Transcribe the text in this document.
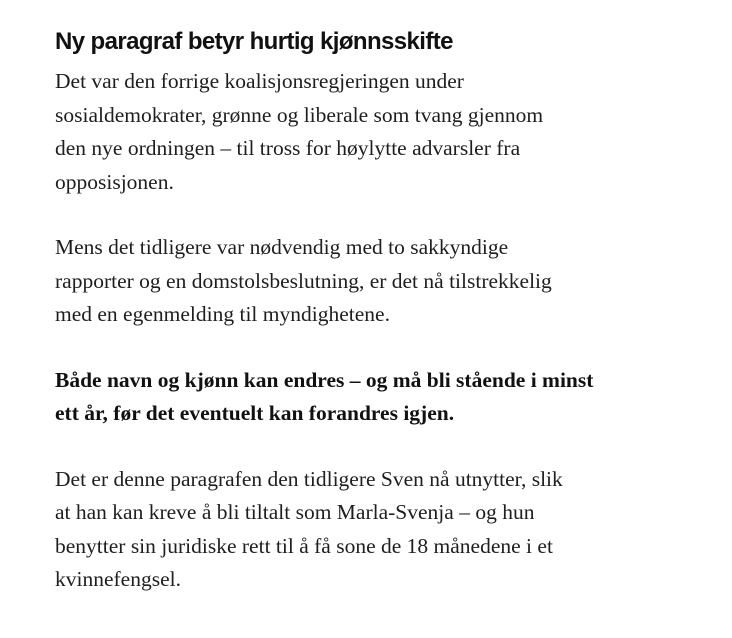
Ny paragraf betyr hurtig kjønnsskifte

Det var den forrige koalisjonsregjeringen under
sosialdemokrater, grønne og liberale som tvang gjennom
den nye ordningen – til tross for høylytte advarsler fra
opposisjonen.

Mens det tidligere var nødvendig med to sakkyndige
rapporter og en domstolsbeslutning, er det nå tilstrekkelig
med en egenmelding til myndighetene.

Både navn og kjønn kan endres – og må bli stående i minst
ett år, før det eventuelt kan forandres igjen.

Det er denne paragrafen den tidligere Sven nå utnytter, slik
at han kan kreve å bli tiltalt som Marla-Svenja – og hun
benytter sin juridiske rett til å få sone de 18 månedene i et
kvinnefengsel.
